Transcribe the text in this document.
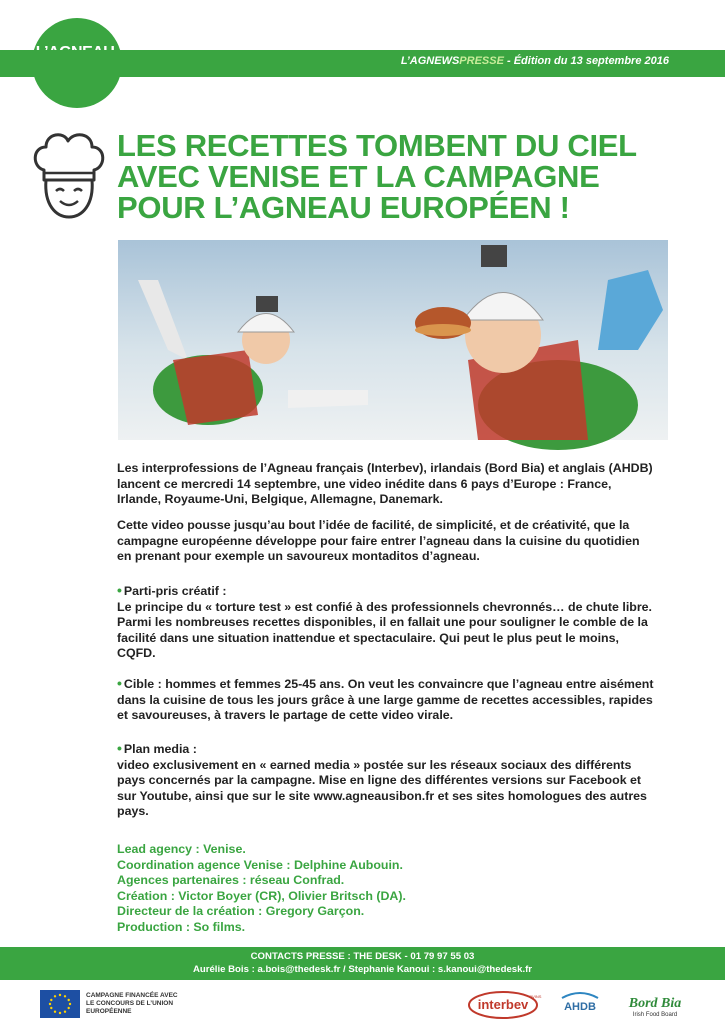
L’AGNEWSPRESSE - Édition du 13 septembre 2016
LES RECETTES TOMBENT DU CIEL
AVEC VENISE ET LA CAMPAGNE
POUR L’AGNEAU EUROPÉEN !

Les interprofessions de l’Agneau français (Interbev), irlandais (Bord Bia) et anglais (AHDB) lancent ce mercredi 14 septembre, une video inédite dans 6 pays d’Europe : France, Irlande, Royaume-Uni, Belgique, Allemagne, Danemark.

Cette video pousse jusqu’au bout l’idée de facilité, de simplicité, et de créativité, que la campagne européenne développe pour faire entrer l’agneau dans la cuisine du quotidien en prenant pour exemple un savoureux montaditos d’agneau.

• Parti-pris créatif :

Le principe du « torture test » est confié à des professionnels chevronnés… de chute libre. Parmi les nombreuses recettes disponibles, il en fallait une pour souligner le comble de la facilité dans une situation inattendue et spectaculaire. Qui peut le plus peut le moins, CQFD.

• Cible : hommes et femmes 25-45 ans. On veut les convaincre que l’agneau entre aisément dans la cuisine de tous les jours grâce à une large gamme de recettes accessibles, rapides et savoureuses, à travers le partage de cette video virale.

• Plan media :

video exclusivement en « earned media » postée sur les réseaux sociaux des différents pays concernés par la campagne. Mise en ligne des différentes versions sur Facebook et sur Youtube, ainsi que sur le site www.agneausibon.fr et ses sites homologues des autres pays.

Lead agency : Venise.
Coordination agence Venise : Delphine Aubouin.
Agences partenaires : réseau Confrad.
Création : Victor Boyer (CR), Olivier Britsch (DA).
Directeur de la création : Gregory Garçon.
Production : So films.
CONTACTS PRESSE : THE DESK - 01 79 97 55 03
Aurélie Bois : a.bois@thedesk.fr / Stephanie Kanoui : s.kanoui@thedesk.fr
CAMPAGNE FINANCÉE AVEC LE CONCOURS DE L’UNION EUROPÉENNE	interbev
OVINS
AHDB Bord Bia
Irish Food Board
